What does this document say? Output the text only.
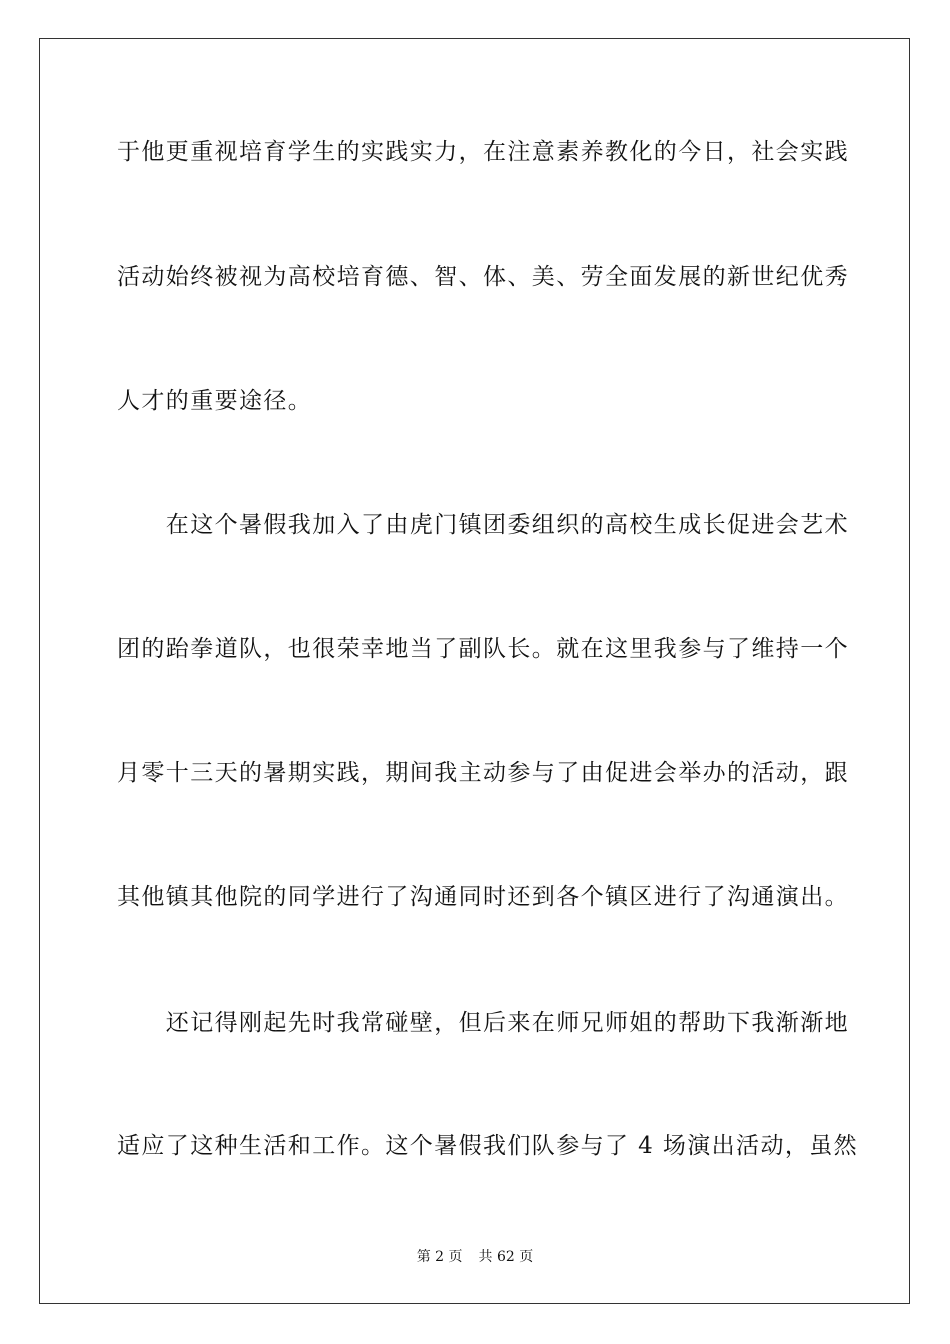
于他更重视培育学生的实践实力，在注意素养教化的今日，社会实践
活动始终被视为高校培育德、智、体、美、劳全面发展的新世纪优秀
人才的重要途径。
　　在这个暑假我加入了由虎门镇团委组织的高校生成长促进会艺术
团的跆拳道队，也很荣幸地当了副队长。就在这里我参与了维持一个
月零十三天的暑期实践，期间我主动参与了由促进会举办的活动，跟
其他镇其他院的同学进行了沟通同时还到各个镇区进行了沟通演出。
　　还记得刚起先时我常碰壁，但后来在师兄师姐的帮助下我渐渐地
适应了这种生活和工作。这个暑假我们队参与了 4 场演出活动，虽然
第 2 页 共 62 页
